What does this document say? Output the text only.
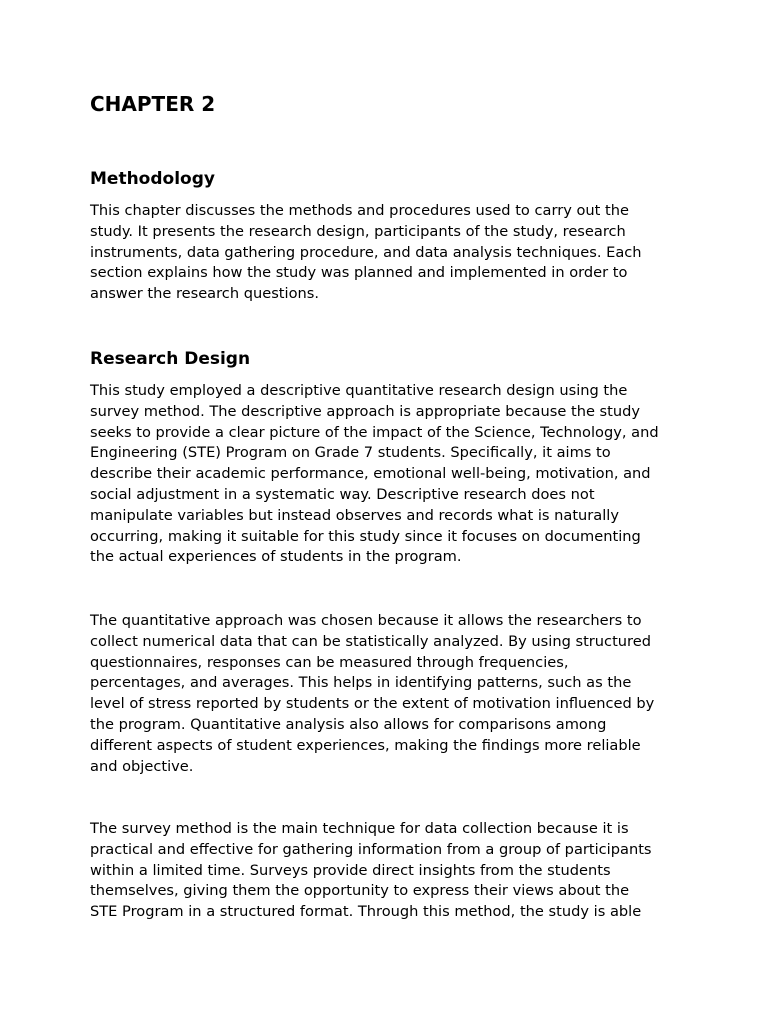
CHAPTER 2
Methodology

This chapter discusses the methods and procedures used to carry out the
study. It presents the research design, participants of the study, research
instruments, data gathering procedure, and data analysis techniques. Each
section explains how the study was planned and implemented in order to
answer the research questions.

Research Design

This study employed a descriptive quantitative research design using the
survey method. The descriptive approach is appropriate because the study
seeks to provide a clear picture of the impact of the Science, Technology, and
Engineering (STE) Program on Grade 7 students. Specifically, it aims to
describe their academic performance, emotional well-being, motivation, and
social adjustment in a systematic way. Descriptive research does not
manipulate variables but instead observes and records what is naturally
occurring, making it suitable for this study since it focuses on documenting
the actual experiences of students in the program.

The quantitative approach was chosen because it allows the researchers to
collect numerical data that can be statistically analyzed. By using structured
questionnaires, responses can be measured through frequencies,
percentages, and averages. This helps in identifying patterns, such as the
level of stress reported by students or the extent of motivation influenced by
the program. Quantitative analysis also allows for comparisons among
different aspects of student experiences, making the findings more reliable
and objective.

The survey method is the main technique for data collection because it is
practical and effective for gathering information from a group of participants
within a limited time. Surveys provide direct insights from the students
themselves, giving them the opportunity to express their views about the
STE Program in a structured format. Through this method, the study is able
